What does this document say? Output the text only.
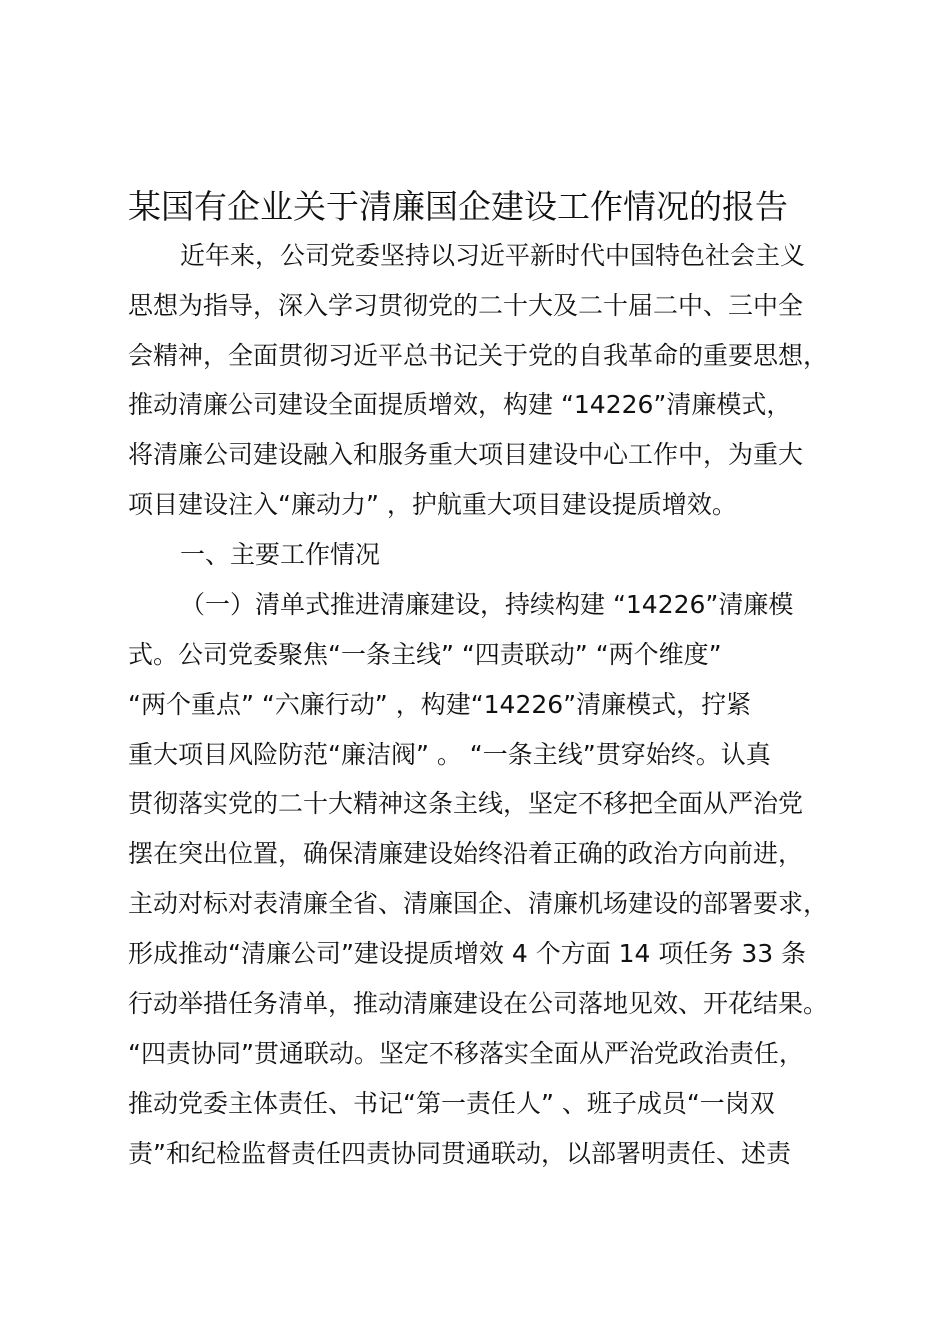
某国有企业关于清廉国企建设工作情况的报告
近年来，公司党委坚持以习近平新时代中国特色社会主义
思想为指导，深入学习贯彻党的二十大及二十届二中、三中全
会精神，全面贯彻习近平总书记关于党的自我革命的重要思想，
推动清廉公司建设全面提质增效，构建 “14226”清廉模式，
将清廉公司建设融入和服务重大项目建设中心工作中，为重大
项目建设注入“廉动力” ，护航重大项目建设提质增效。
一、主要工作情况
（一）清单式推进清廉建设，持续构建 “14226”清廉模
式。公司党委聚焦“一条主线” “四责联动” “两个维度”
“两个重点” “六廉行动” ，构建“14226”清廉模式，拧紧
重大项目风险防范“廉洁阀” 。 “一条主线”贯穿始终。认真
贯彻落实党的二十大精神这条主线，坚定不移把全面从严治党
摆在突出位置，确保清廉建设始终沿着正确的政治方向前进，
主动对标对表清廉全省、清廉国企、清廉机场建设的部署要求，
形成推动“清廉公司”建设提质增效 4 个方面 14 项任务 33 条
行动举措任务清单，推动清廉建设在公司落地见效、开花结果。
“四责协同”贯通联动。坚定不移落实全面从严治党政治责任，
推动党委主体责任、书记“第一责任人” 、班子成员“一岗双
责”和纪检监督责任四责协同贯通联动，以部署明责任、述责
